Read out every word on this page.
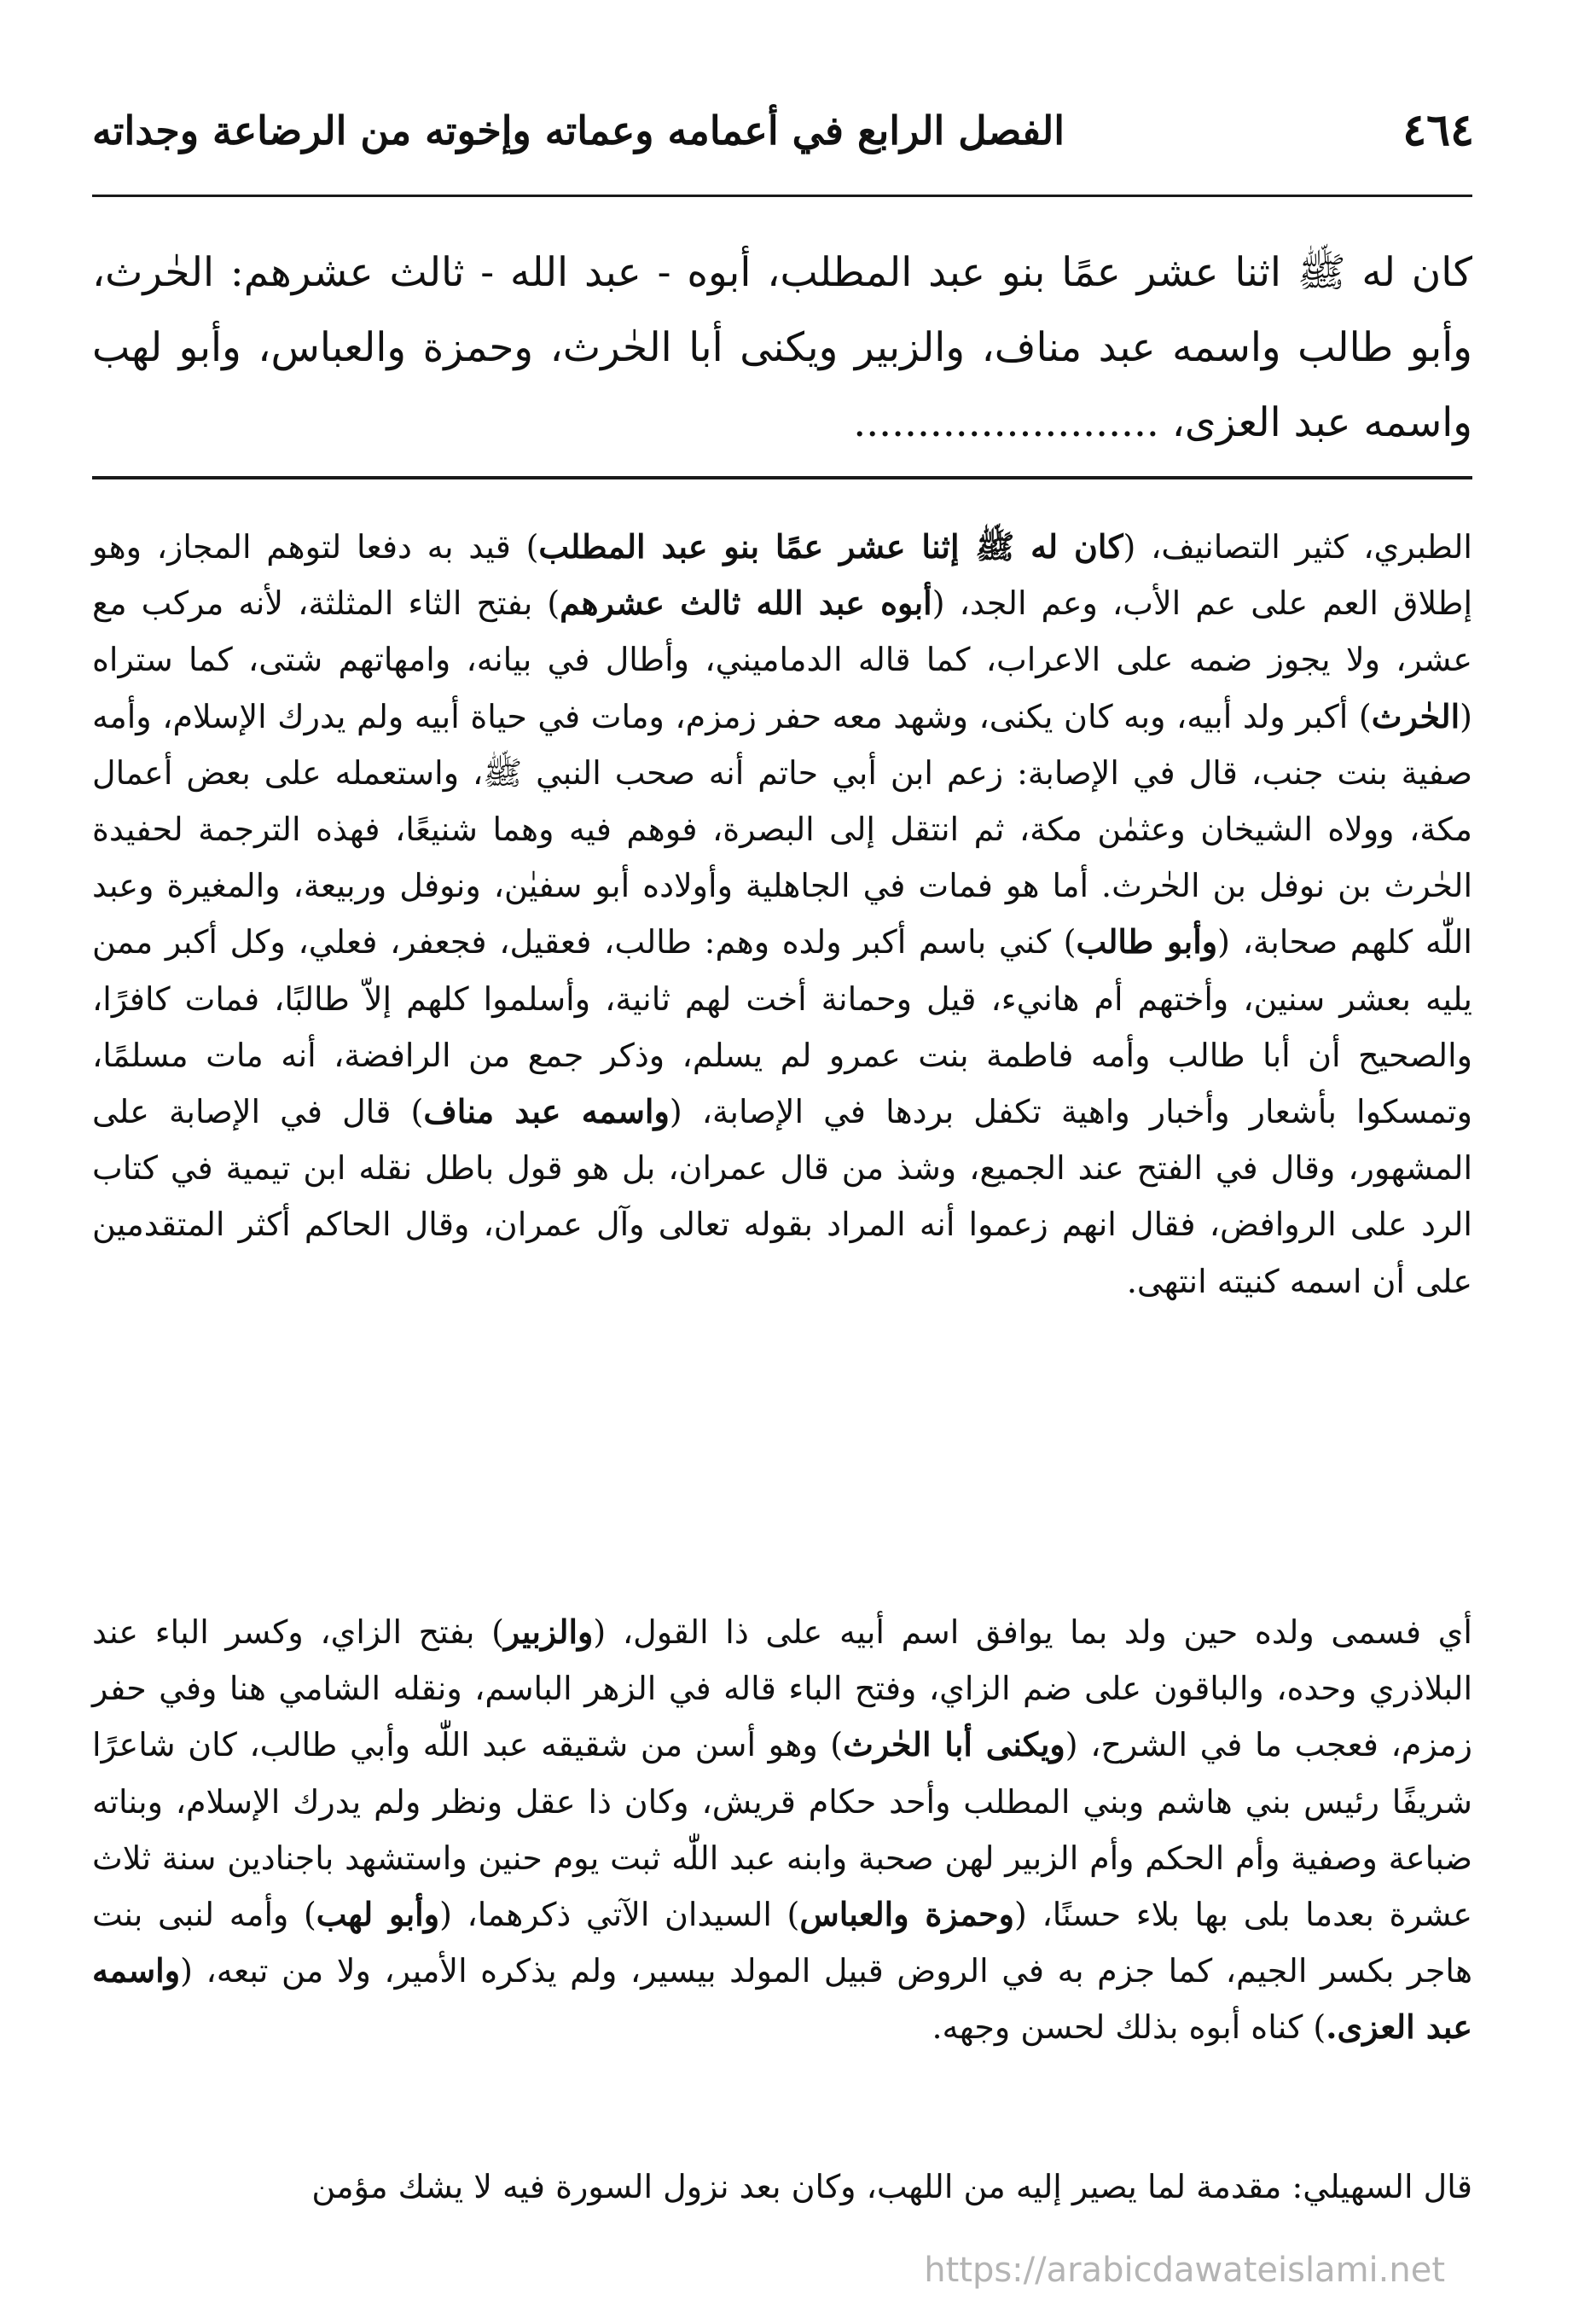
٤٦٤
الفصل الرابع في أعمامه وعماته وإخوته من الرضاعة وجداته
كان له ﷺ اثنا عشر عمًا بنو عبد المطلب، أبوه - عبد الله - ثالث عشرهم: الحٰرث، وأبو طالب واسمه عبد مناف، والزبير ويكنى أبا الحٰرث، وحمزة والعباس، وأبو لهب واسمه عبد العزى، ........................

الطبري، كثير التصانيف، (كان له ﷺ إثنا عشر عمًا بنو عبد المطلب) قيد به دفعا لتوهم المجاز، وهو إطلاق العم على عم الأب، وعم الجد، (أبوه عبد الله ثالث عشرهم) بفتح الثاء المثلثة، لأنه مركب مع عشر، ولا يجوز ضمه على الاعراب، كما قاله الدماميني، وأطال في بيانه، وامهاتهم شتى، كما ستراه (الحٰرث) أكبر ولد أبيه، وبه كان يكنى، وشهد معه حفر زمزم، ومات في حياة أبيه ولم يدرك الإسلام، وأمه صفية بنت جنب، قال في الإصابة: زعم ابن أبي حاتم أنه صحب النبي ﷺ، واستعمله على بعض أعمال مكة، وولاه الشيخان وعثمٰن مكة، ثم انتقل إلى البصرة، فوهم فيه وهما شنيعًا، فهذه الترجمة لحفيدة الحٰرث بن نوفل بن الحٰرث. أما هو فمات في الجاهلية وأولاده أبو سفيٰن، ونوفل وربيعة، والمغيرة وعبد اللّٰه كلهم صحابة، (وأبو طالب) كني باسم أكبر ولده وهم: طالب، فعقيل، فجعفر، فعلي، وكل أكبر ممن يليه بعشر سنين، وأختهم أم هانيء، قيل وحمانة أخت لهم ثانية، وأسلموا كلهم إلاّ طالبًا، فمات كافرًا، والصحيح أن أبا طالب وأمه فاطمة بنت عمرو لم يسلم، وذكر جمع من الرافضة، أنه مات مسلمًا، وتمسكوا بأشعار وأخبار واهية تكفل بردها في الإصابة، (واسمه عبد مناف) قال في الإصابة على المشهور، وقال في الفتح عند الجميع، وشذ من قال عمران، بل هو قول باطل نقله ابن تيمية في كتاب الرد على الروافض، فقال انهم زعموا أنه المراد بقوله تعالى وآل عمران، وقال الحاكم أكثر المتقدمين على أن اسمه كنيته انتهى.

أي فسمى ولده حين ولد بما يوافق اسم أبيه على ذا القول، (والزبير) بفتح الزاي، وكسر الباء عند البلاذري وحده، والباقون على ضم الزاي، وفتح الباء قاله في الزهر الباسم، ونقله الشامي هنا وفي حفر زمزم، فعجب ما في الشرح، (ويكنى أبا الحٰرث) وهو أسن من شقيقه عبد اللّٰه وأبي طالب، كان شاعرًا شريفًا رئيس بني هاشم وبني المطلب وأحد حكام قريش، وكان ذا عقل ونظر ولم يدرك الإسلام، وبناته ضباعة وصفية وأم الحكم وأم الزبير لهن صحبة وابنه عبد اللّٰه ثبت يوم حنين واستشهد باجنادين سنة ثلاث عشرة بعدما بلى بها بلاء حسنًا، (وحمزة والعباس) السيدان الآتي ذكرهما، (وأبو لهب) وأمه لنبى بنت هاجر بكسر الجيم، كما جزم به في الروض قبيل المولد بيسير، ولم يذكره الأمير، ولا من تبعه، (واسمه عبد العزى.) كناه أبوه بذلك لحسن وجهه.

قال السهيلي: مقدمة لما يصير إليه من اللهب، وكان بعد نزول السورة فيه لا يشك مؤمن

https://arabicdawateislami.net
